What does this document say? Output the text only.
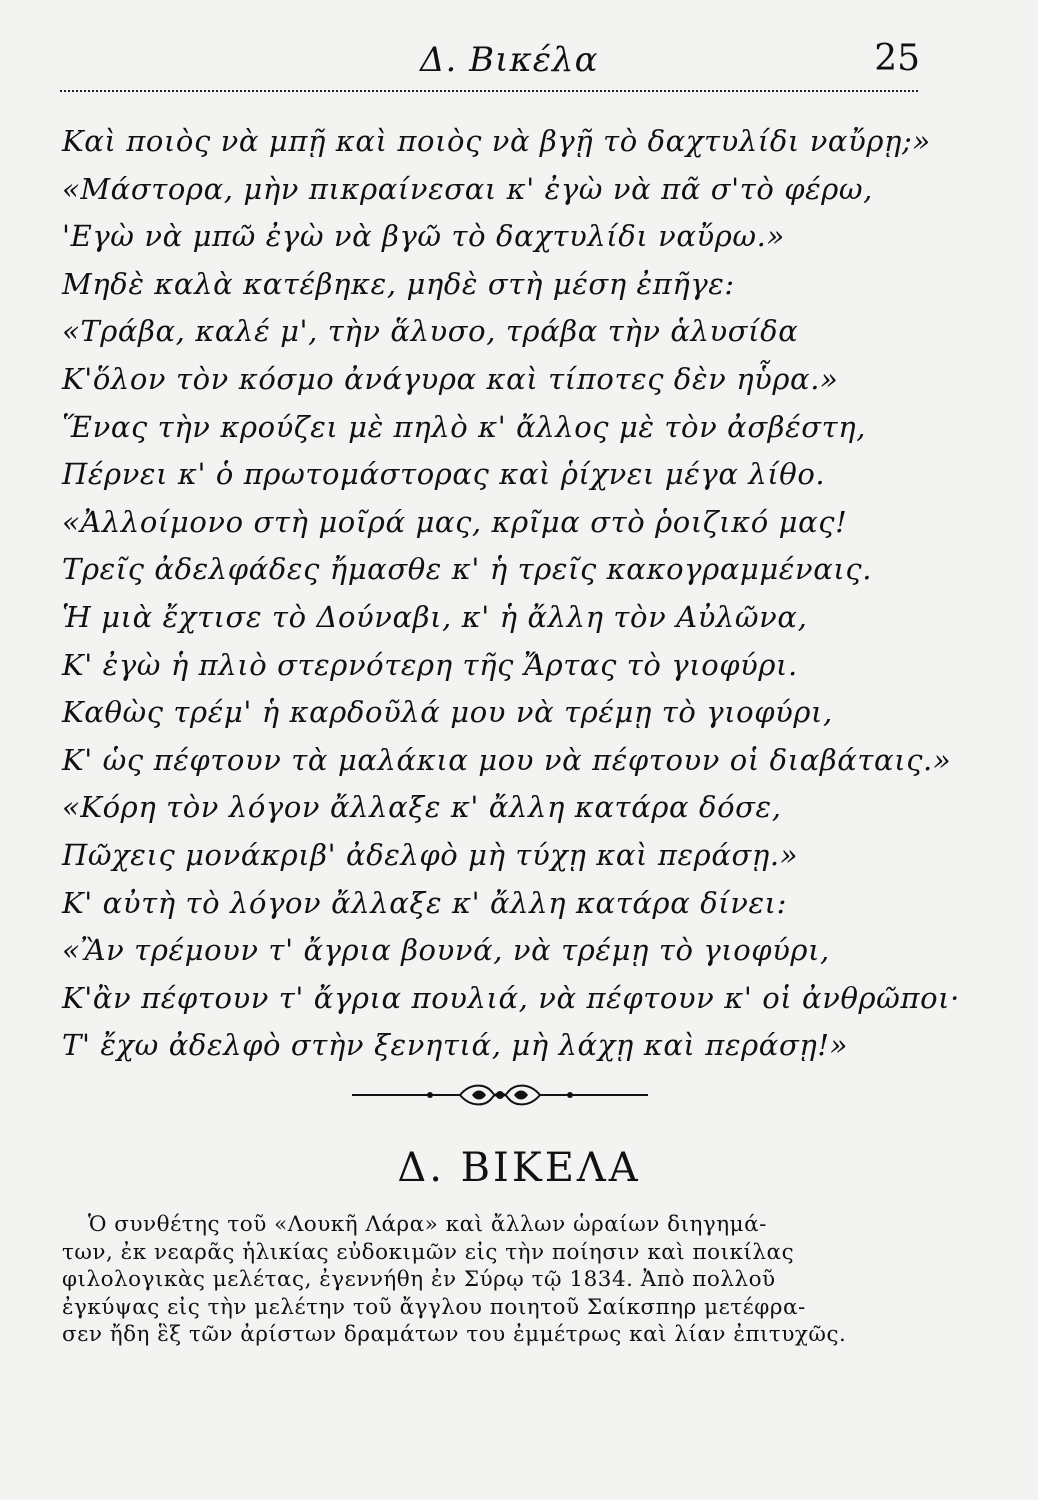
Δ. Βικέλα	25
Καὶ ποιὸς νὰ μπῇ καὶ ποιὸς νὰ βγῇ τὸ δαχτυλίδι ναὔρῃ;»
«Μάστορα, μὴν πικραίνεσαι κ' ἐγὼ νὰ πᾶ σ'τὸ φέρω,
'Εγὼ νὰ μπῶ ἐγὼ νὰ βγῶ τὸ δαχτυλίδι ναὔρω.»
Μηδὲ καλὰ κατέβηκε, μηδὲ στὴ μέση ἐπῆγε:
«Τράβα, καλέ μ', τὴν ἅλυσο, τράβα τὴν ἁλυσίδα
Κ'ὅλον τὸν κόσμο ἀνάγυρα καὶ τίποτες δὲν ηὗρα.»
Ἕνας τὴν κρούζει μὲ πηλὸ κ' ἄλλος μὲ τὸν ἀσβέστη,
Πέρνει κ' ὁ πρωτομάστορας καὶ ῥίχνει μέγα λίθο.
«Ἀλλοίμονο στὴ μοῖρά μας, κρῖμα στὸ ῥοιζικό μας!
Τρεῖς ἀδελφάδες ἤμασθε κ' ἡ τρεῖς κακογραμμέναις.
Ἡ μιὰ ἔχτισε τὸ Δούναβι, κ' ἡ ἄλλη τὸν Αὐλῶνα,
Κ' ἐγὼ ἡ πλιὸ στερνότερη τῆς Ἄρτας τὸ γιοφύρι.
Καθὼς τρέμ' ἡ καρδοῦλά μου νὰ τρέμῃ τὸ γιοφύρι,
Κ' ὡς πέφτουν τὰ μαλάκια μου νὰ πέφτουν οἱ διαβάταις.»
«Κόρη τὸν λόγον ἄλλαξε κ' ἄλλη κατάρα δόσε,
Πῶχεις μονάκριβ' ἀδελφὸ μὴ τύχῃ καὶ περάσῃ.»
Κ' αὐτὴ τὸ λόγον ἄλλαξε κ' ἄλλη κατάρα δίνει:
«Ἂν τρέμουν τ' ἄγρια βουνά, νὰ τρέμῃ τὸ γιοφύρι,
Κ'ἂν πέφτουν τ' ἄγρια πουλιά, νὰ πέφτουν κ' οἱ ἀνθρῶποι·
Τ' ἔχω ἀδελφὸ στὴν ξενητιά, μὴ λάχῃ καὶ περάσῃ!»
Δ. ΒΙΚΕΛΑ
Ὁ συνθέτης τοῦ «Λουκῆ Λάρα» καὶ ἄλλων ὡραίων διηγημά-
των, ἐκ νεαρᾶς ἡλικίας εὐδοκιμῶν εἰς τὴν ποίησιν καὶ ποικίλας
φιλολογικὰς μελέτας, ἐγεννήθη ἐν Σύρῳ τῷ 1834. Ἀπὸ πολλοῦ
ἐγκύψας εἰς τὴν μελέτην τοῦ ἄγγλου ποιητοῦ Σαίκσπηρ μετέφρα-
σεν ἤδη ἓξ τῶν ἀρίστων δραμάτων του ἐμμέτρως καὶ λίαν ἐπιτυχῶς.
